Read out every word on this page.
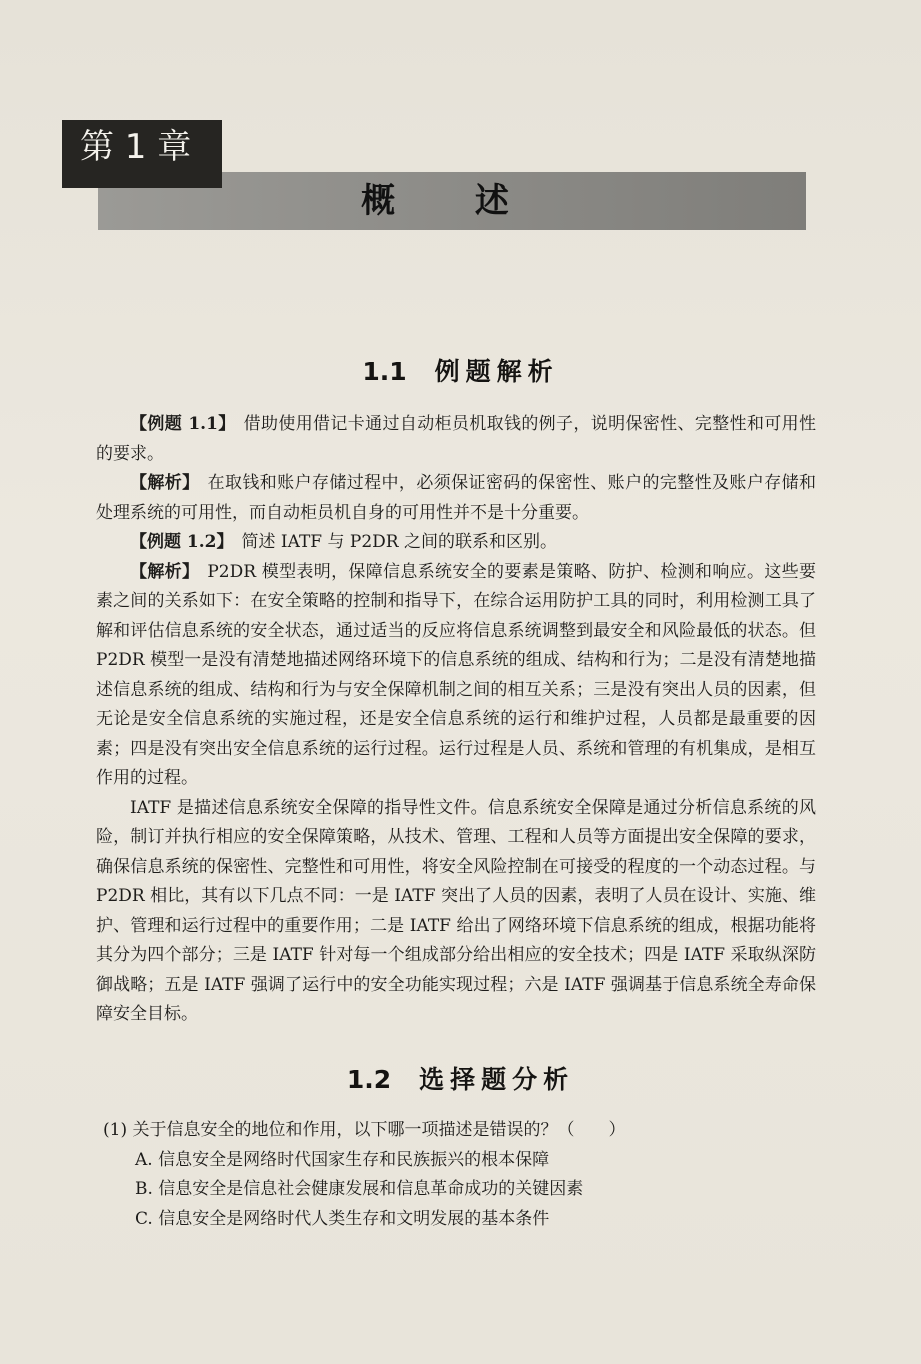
第 1 章
概 述
1.1 例题解析

【例题 1.1】 借助使用借记卡通过自动柜员机取钱的例子，说明保密性、完整性和可用性的要求。

【解析】 在取钱和账户存储过程中，必须保证密码的保密性、账户的完整性及账户存储和处理系统的可用性，而自动柜员机自身的可用性并不是十分重要。

【例题 1.2】 简述 IATF 与 P2DR 之间的联系和区别。

【解析】 P2DR 模型表明，保障信息系统安全的要素是策略、防护、检测和响应。这些要素之间的关系如下：在安全策略的控制和指导下，在综合运用防护工具的同时，利用检测工具了解和评估信息系统的安全状态，通过适当的反应将信息系统调整到最安全和风险最低的状态。但 P2DR 模型一是没有清楚地描述网络环境下的信息系统的组成、结构和行为；二是没有清楚地描述信息系统的组成、结构和行为与安全保障机制之间的相互关系；三是没有突出人员的因素，但无论是安全信息系统的实施过程，还是安全信息系统的运行和维护过程，人员都是最重要的因素；四是没有突出安全信息系统的运行过程。运行过程是人员、系统和管理的有机集成，是相互作用的过程。

IATF 是描述信息系统安全保障的指导性文件。信息系统安全保障是通过分析信息系统的风险，制订并执行相应的安全保障策略，从技术、管理、工程和人员等方面提出安全保障的要求，确保信息系统的保密性、完整性和可用性，将安全风险控制在可接受的程度的一个动态过程。与 P2DR 相比，其有以下几点不同：一是 IATF 突出了人员的因素，表明了人员在设计、实施、维护、管理和运行过程中的重要作用；二是 IATF 给出了网络环境下信息系统的组成，根据功能将其分为四个部分；三是 IATF 针对每一个组成部分给出相应的安全技术；四是 IATF 采取纵深防御战略；五是 IATF 强调了运行中的安全功能实现过程；六是 IATF 强调基于信息系统全寿命保障安全目标。

1.2 选择题分析
(1) 关于信息安全的地位和作用，以下哪一项描述是错误的？（　　）
A. 信息安全是网络时代国家生存和民族振兴的根本保障
B. 信息安全是信息社会健康发展和信息革命成功的关键因素
C. 信息安全是网络时代人类生存和文明发展的基本条件
